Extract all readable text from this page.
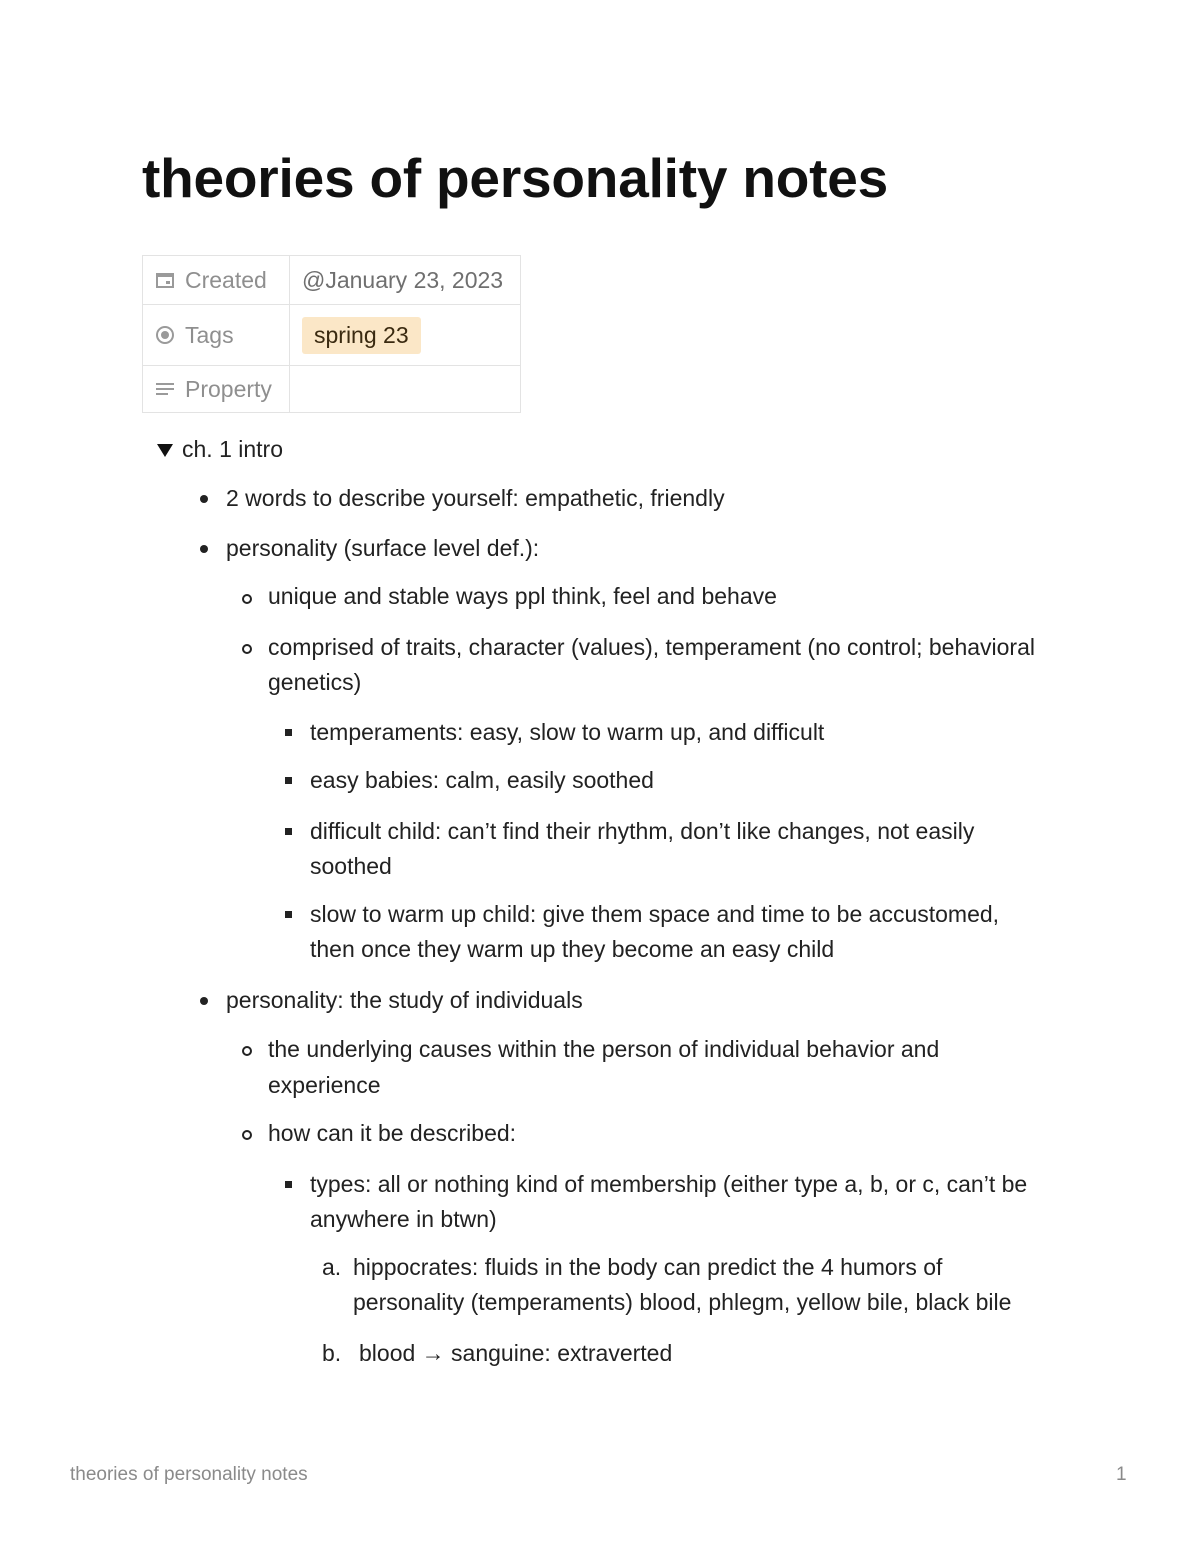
theories of personality notes
Created	@January 23, 2023

Tags	spring 23

Property	

ch. 1 intro

2 words to describe yourself: empathetic, friendly

personality (surface level def.):

unique and stable ways ppl think, feel and behave

comprised of traits, character (values), temperament (no control; behavioral

genetics)

temperaments: easy, slow to warm up, and difficult

easy babies: calm, easily soothed

difficult child: can’t find their rhythm, don’t like changes, not easily

soothed

slow to warm up child: give them space and time to be accustomed,

then once they warm up they become an easy child

personality: the study of individuals

the underlying causes within the person of individual behavior and

experience

how can it be described:

types: all or nothing kind of membership (either type a, b, or c, can’t be

anywhere in btwn)

a. hippocrates: fluids in the body can predict the 4 humors of

personality (temperaments) blood, phlegm, yellow bile, black bile

b. blood → sanguine: extraverted

theories of personality notes	1
